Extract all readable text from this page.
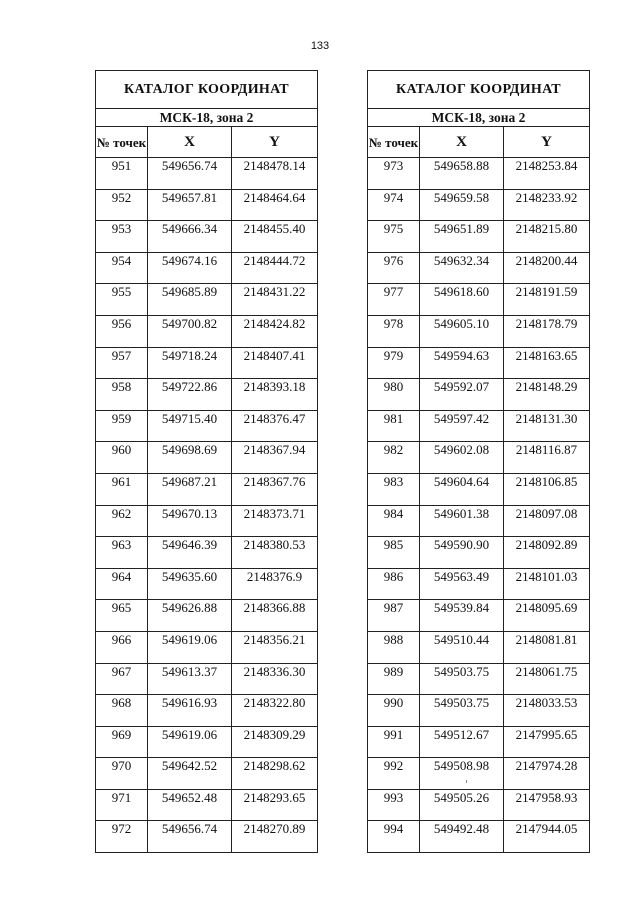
133
КАТАЛОГ КООРДИНАТ		
МСК-18, зона 2		
№ точек	X	Y
951	549656.74	2148478.14
952	549657.81	2148464.64
953	549666.34	2148455.40
954	549674.16	2148444.72
955	549685.89	2148431.22
956	549700.82	2148424.82
957	549718.24	2148407.41
958	549722.86	2148393.18
959	549715.40	2148376.47
960	549698.69	2148367.94
961	549687.21	2148367.76
962	549670.13	2148373.71
963	549646.39	2148380.53
964	549635.60	2148376.9
965	549626.88	2148366.88
966	549619.06	2148356.21
967	549613.37	2148336.30
968	549616.93	2148322.80
969	549619.06	2148309.29
970	549642.52	2148298.62
971	549652.48	2148293.65
972	549656.74	2148270.89
КАТАЛОГ КООРДИНАТ		
МСК-18, зона 2		
№ точек	X	Y
973	549658.88	2148253.84
974	549659.58	2148233.92
975	549651.89	2148215.80
976	549632.34	2148200.44
977	549618.60	2148191.59
978	549605.10	2148178.79
979	549594.63	2148163.65
980	549592.07	2148148.29
981	549597.42	2148131.30
982	549602.08	2148116.87
983	549604.64	2148106.85
984	549601.38	2148097.08
985	549590.90	2148092.89
986	549563.49	2148101.03
987	549539.84	2148095.69
988	549510.44	2148081.81
989	549503.75	2148061.75
990	549503.75	2148033.53
991	549512.67	2147995.65
992	549508.98	2147974.28
993	549505.26	2147958.93
994	549492.48	2147944.05
